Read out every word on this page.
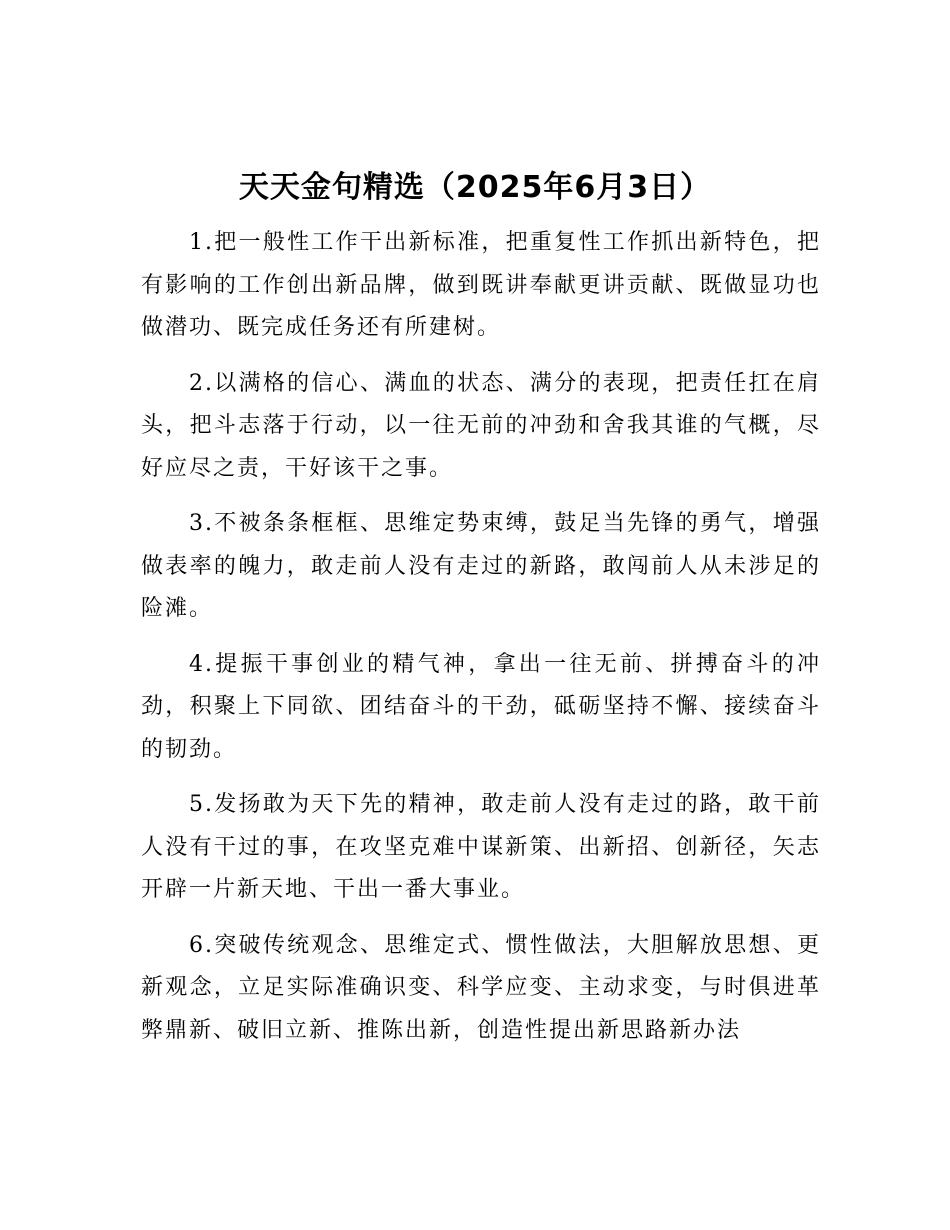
天天金句精选（2025年6月3日）

1.把一般性工作干出新标准，把重复性工作抓出新特色，把有影响的工作创出新品牌，做到既讲奉献更讲贡献、既做显功也做潜功、既完成任务还有所建树。

2.以满格的信心、满血的状态、满分的表现，把责任扛在肩头，把斗志落于行动，以一往无前的冲劲和舍我其谁的气概，尽好应尽之责，干好该干之事。

3.不被条条框框、思维定势束缚，鼓足当先锋的勇气，增强做表率的魄力，敢走前人没有走过的新路，敢闯前人从未涉足的险滩。

4.提振干事创业的精气神，拿出一往无前、拼搏奋斗的冲劲，积聚上下同欲、团结奋斗的干劲，砥砺坚持不懈、接续奋斗的韧劲。

5.发扬敢为天下先的精神，敢走前人没有走过的路，敢干前人没有干过的事，在攻坚克难中谋新策、出新招、创新径，矢志开辟一片新天地、干出一番大事业。

6.突破传统观念、思维定式、惯性做法，大胆解放思想、更新观念，立足实际准确识变、科学应变、主动求变，与时俱进革弊鼎新、破旧立新、推陈出新，创造性提出新思路新办法
